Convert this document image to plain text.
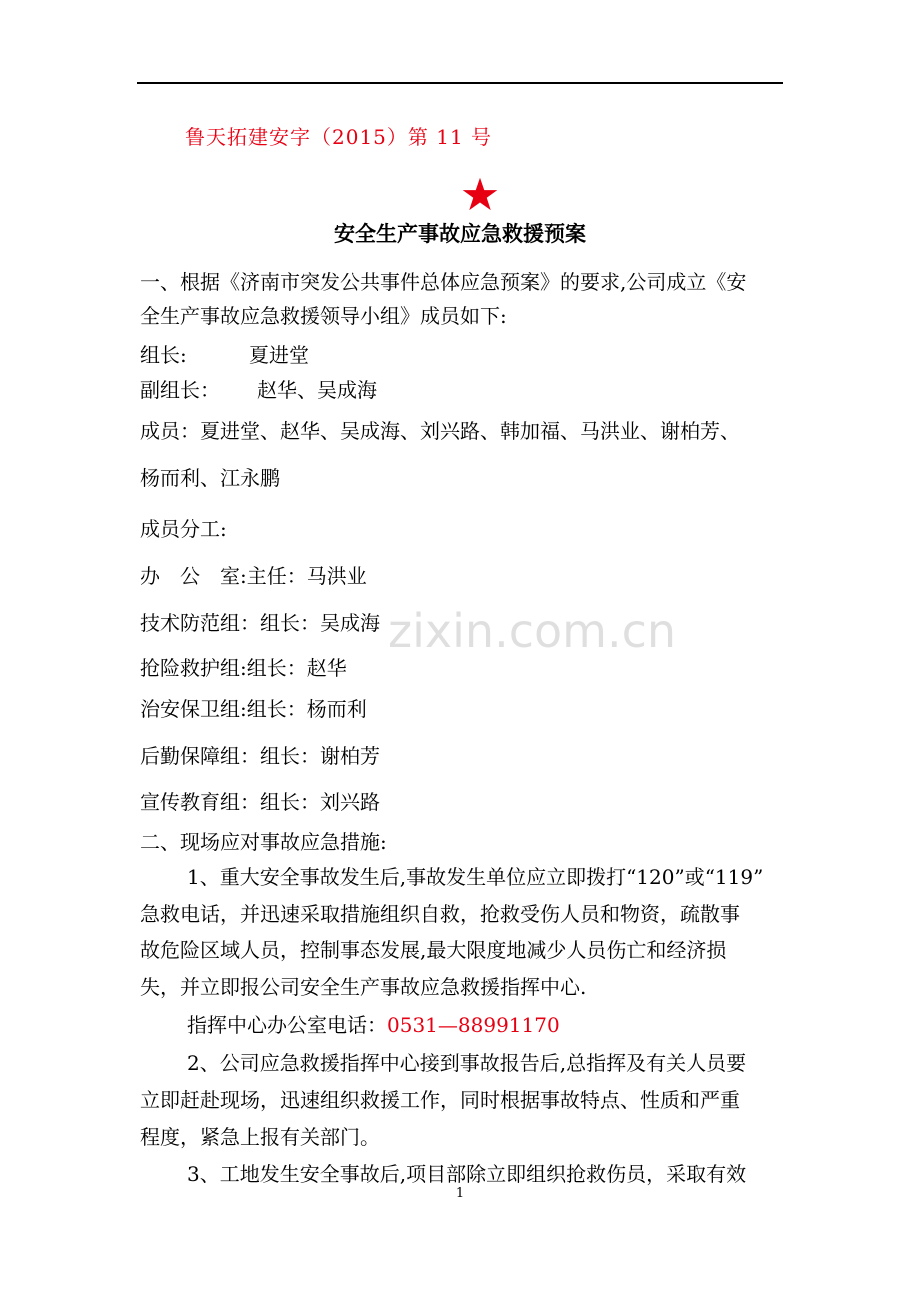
鲁天拓建安字（2015）第 11 号
安全生产事故应急救援预案
一、根据《济南市突发公共事件总体应急预案》的要求,公司成立《安
全生产事故应急救援领导小组》成员如下:
组长:	夏进堂
副组长： 赵华、吴成海
成员：夏进堂、赵华、吴成海、刘兴路、韩加福、马洪业、谢柏芳、
杨而利、江永鹏
成员分工:
办　公　室:主任：马洪业
技术防范组：组长：吴成海
抢险救护组:组长：赵华
治安保卫组:组长：杨而利
后勤保障组：组长：谢柏芳
宣传教育组：组长：刘兴路
二、现场应对事故应急措施:
1、重大安全事故发生后,事故发生单位应立即拨打“120”或“119”
急救电话，并迅速采取措施组织自救，抢救受伤人员和物资，疏散事
故危险区域人员，控制事态发展,最大限度地减少人员伤亡和经济损
失，并立即报公司安全生产事故应急救援指挥中心.
指挥中心办公室电话：0531—88991170
2、公司应急救援指挥中心接到事故报告后,总指挥及有关人员要
立即赶赴现场，迅速组织救援工作，同时根据事故特点、性质和严重
程度，紧急上报有关部门。
3、工地发生安全事故后,项目部除立即组织抢救伤员，采取有效
zixin.com.cn
1
